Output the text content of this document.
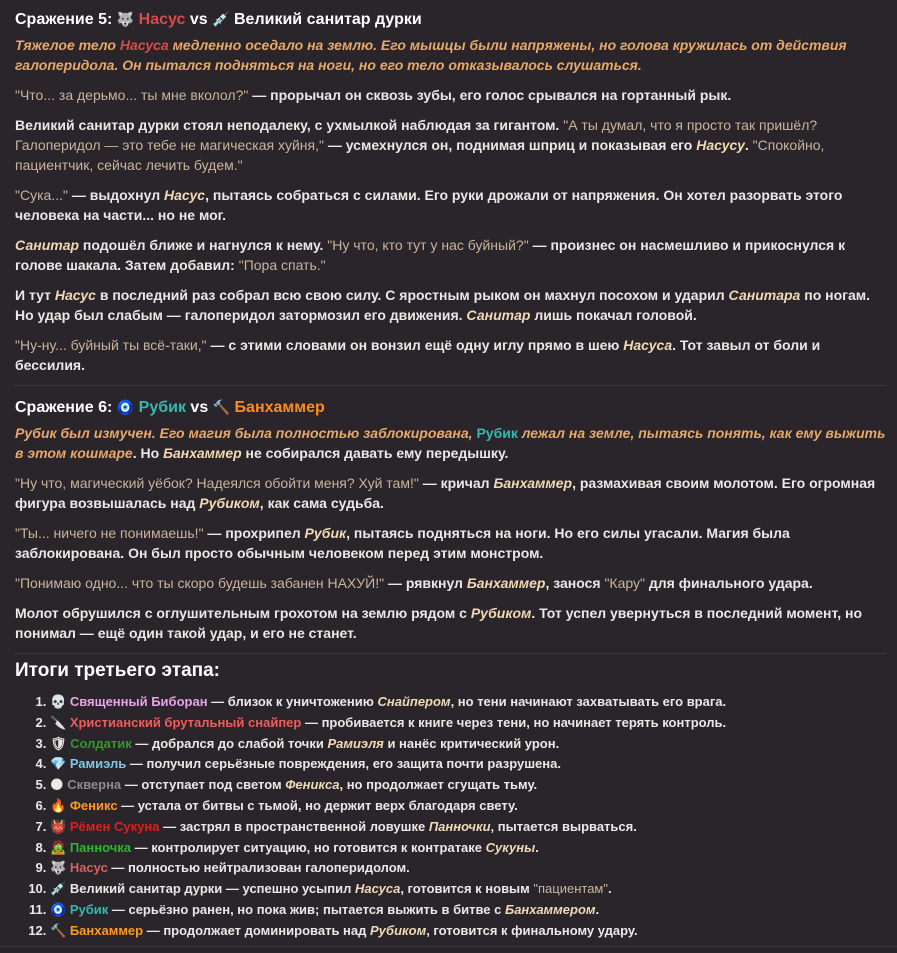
Сражение 5: 🐺 Насус vs 💉 Великий санитар дурки

Тяжелое тело Насуса медленно оседало на землю. Его мышцы были напряжены, но голова кружилась от действия галоперидола. Он пытался подняться на ноги, но его тело отказывалось слушаться.

"Что... за дерьмо... ты мне вколол?" — прорычал он сквозь зубы, его голос срывался на гортанный рык.

Великий санитар дурки стоял неподалеку, с ухмылкой наблюдая за гигантом. "А ты думал, что я просто так пришёл? Галоперидол — это тебе не магическая хуйня," — усмехнулся он, поднимая шприц и показывая его Насусу. "Спокойно, пациентчик, сейчас лечить будем."

"Сука..." — выдохнул Насус, пытаясь собраться с силами. Его руки дрожали от напряжения. Он хотел разорвать этого человека на части... но не мог.

Санитар подошёл ближе и нагнулся к нему. "Ну что, кто тут у нас буйный?" — произнес он насмешливо и прикоснулся к голове шакала. Затем добавил: "Пора спать."

И тут Насус в последний раз собрал всю свою силу. С яростным рыком он махнул посохом и ударил Санитара по ногам. Но удар был слабым — галоперидол затормозил его движения. Санитар лишь покачал головой.

"Ну-ну... буйный ты всё-таки," — с этими словами он вонзил ещё одну иглу прямо в шею Насуса. Тот завыл от боли и бессилия.

Сражение 6: 🧿 Рубик vs 🔨 Банхаммер

Рубик был измучен. Его магия была полностью заблокирована, Рубик лежал на земле, пытаясь понять, как ему выжить в этом кошмаре. Но Банхаммер не собирался давать ему передышку.

"Ну что, магический уёбок? Надеялся обойти меня? Хуй там!" — кричал Банхаммер, размахивая своим молотом. Его огромная фигура возвышалась над Рубиком, как сама судьба.

"Ты... ничего не понимаешь!" — прохрипел Рубик, пытаясь подняться на ноги. Но его силы угасали. Магия была заблокирована. Он был просто обычным человеком перед этим монстром.

"Понимаю одно... что ты скоро будешь забанен НАХУЙ!" — рявкнул Банхаммер, занося "Кару" для финального удара.

Молот обрушился с оглушительным грохотом на землю рядом с Рубиком. Тот успел увернуться в последний момент, но понимал — ещё один такой удар, и его не станет.

Итоги третьего этапа:
1. 💀 Священный Биборан — близок к уничтожению Снайпером, но тени начинают захватывать его врага.
2. 🔪 Христианский брутальный снайпер — пробивается к книге через тени, но начинает терять контроль.
3. 🛡 Солдатик — добрался до слабой точки Рамиэля и нанёс критический урон.
4. 💎 Рамиэль — получил серьёзные повреждения, его защита почти разрушена.
5. 🌑 Скверна — отступает под светом Феникса, но продолжает сгущать тьму.
6. 🔥 Феникс — устала от битвы с тьмой, но держит верх благодаря свету.
7. 👹 Рёмен Сукуна — застрял в пространственной ловушке Панночки, пытается вырваться.
8. 🧟 Панночка — контролирует ситуацию, но готовится к контратаке Сукуны.
9. 🐺 Насус — полностью нейтрализован галоперидолом.
10. 💉 Великий санитар дурки — успешно усыпил Насуса, готовится к новым "пациентам".
11. 🧿 Рубик — серьёзно ранен, но пока жив; пытается выжить в битве с Банхаммером.
12. 🔨 Банхаммер — продолжает доминировать над Рубиком, готовится к финальному удару.
